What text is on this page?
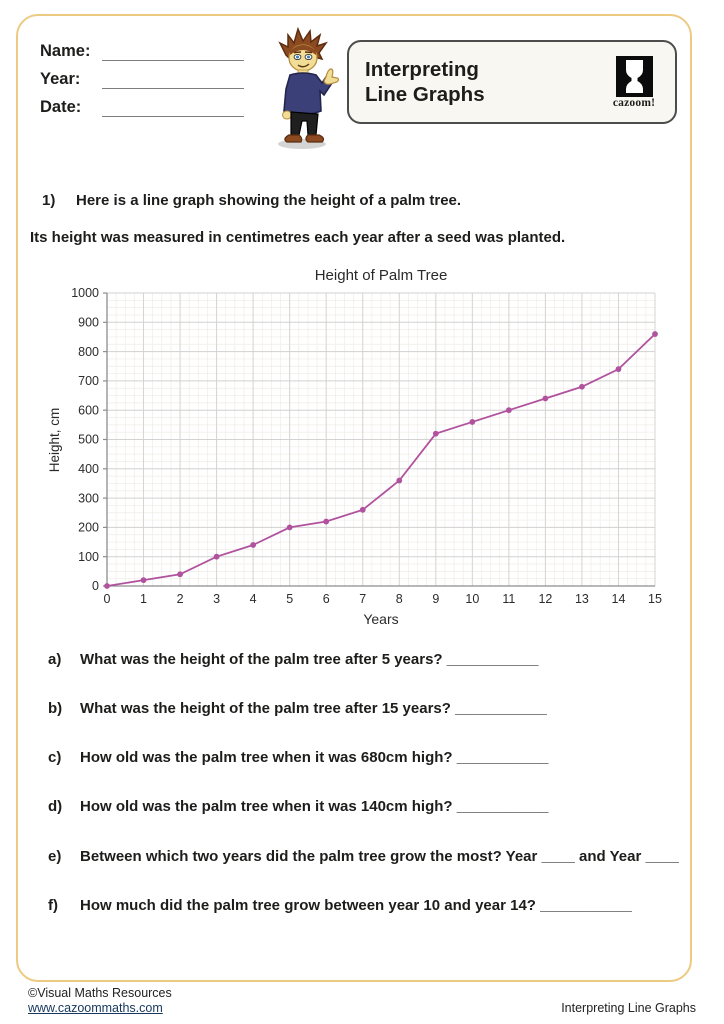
Name:
Year:
Date:
Interpreting
Line Graphs	cazoom!
1)	Here is a line graph showing the height of a palm tree.
Its height was measured in centimetres each year after a seed was planted.
Height of Palm Tree
0
100
200
300
400
500
600
700
800
900
1000
0 1 2 3 4 5 6 7 8 9 10 11 12 13 14 15
Years
Height, cm
a)	What was the height of the palm tree after 5 years? ___________
b)	What was the height of the palm tree after 15 years? ___________
c)	How old was the palm tree when it was 680cm high? ___________
d)	How old was the palm tree when it was 140cm high? ___________
e)	Between which two years did the palm tree grow the most? Year ____ and Year ____
f)	How much did the palm tree grow between year 10 and year 14? ___________
©Visual Maths Resources
www.cazoommaths.com	Interpreting Line Graphs
